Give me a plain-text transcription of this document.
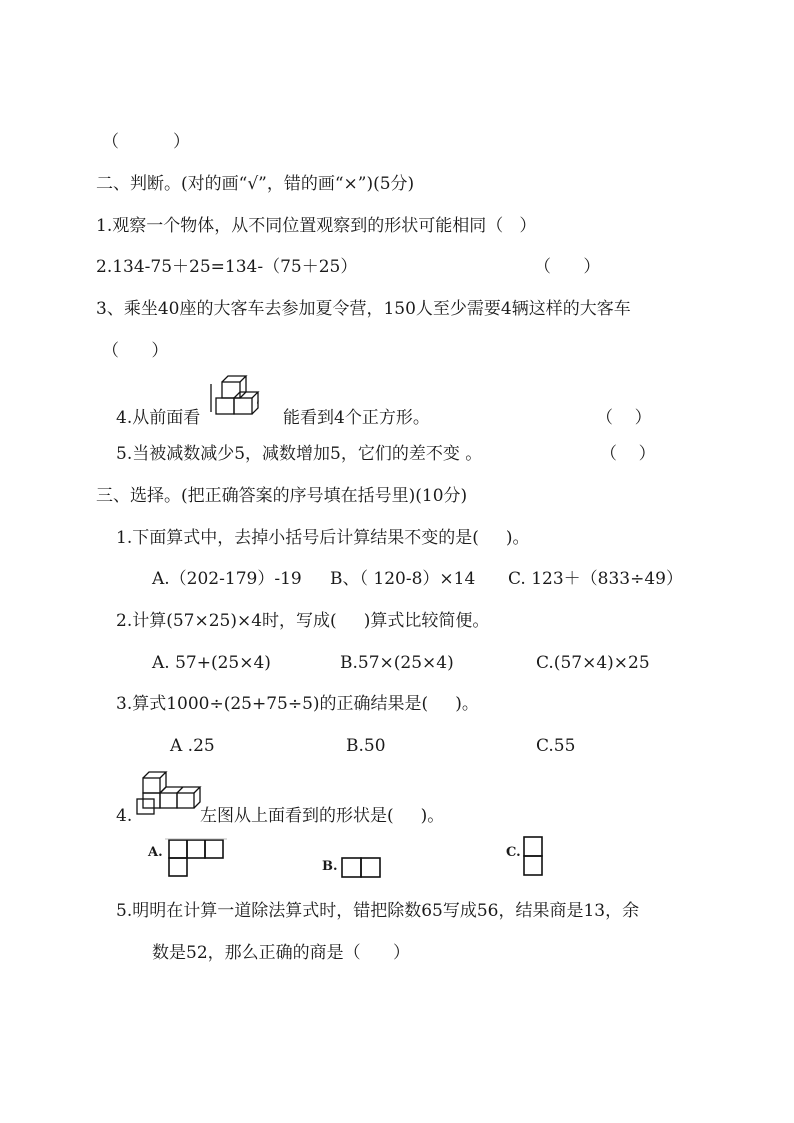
（          ）
二、判断。(对的画“√”，错的画“×”)(5分)
1.观察一个物体，从不同位置观察到的形状可能相同（   ）
2.134-75＋25=134-（75＋25）	（      ）
3、乘坐40座的大客车去参加夏令营，150人至少需要4辆这样的大客车
（      ）
4.从前面看
,
能看到4个正方形。	（    ）
5.当被减数减少5，减数增加5，它们的差不变 。	（    ）
三、选择。(把正确答案的序号填在括号里)(10分)
1.下面算式中，去掉小括号后计算结果不变的是(     )。

A.（202-179）-19

B、（ 120-8）×14

C. 123＋（833÷49）

2.计算(57×25)×4时，写成(     )算式比较简便。

A. 57+(25×4)

	B.57×(25×4)

	C.(57×4)×25

3.算式1000÷(25+75÷5)的正确结果是(     )。

A .25

	B.50

	C.55

4.	左图从上面看到的形状是(     )。
A.
B.
C.
5.明明在计算一道除法算式时，错把除数65写成56，结果商是13，余
数是52，那么正确的商是（      ）
